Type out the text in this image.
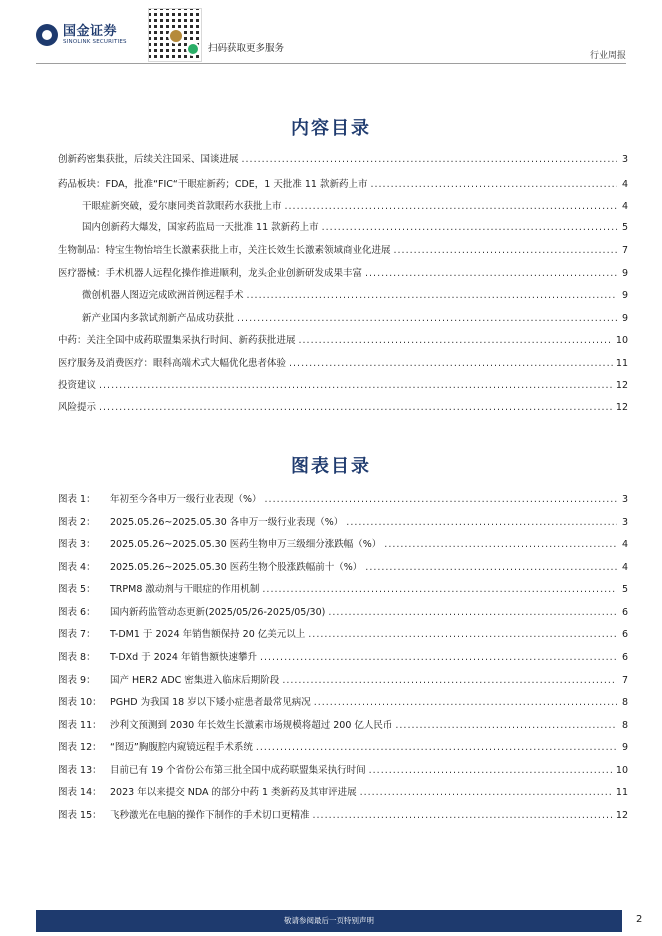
国金证券
SINOLINK SECURITIES
扫码获取更多服务
行业周报
内容目录
创新药密集获批，后续关注国采、国谈进展 .....	3
药品板块：FDA，批准“FIC“干眼症新药；CDE，1 天批准 11 款新药上市 .....	4
干眼症新突破，爱尔康同类首款眼药水获批上市 .....	4
国内创新药大爆发，国家药监局一天批准 11 款新药上市 .....	5
生物制品：特宝生物怡培生长激素获批上市，关注长效生长激素领域商业化进展 .....	7
医疗器械：手术机器人远程化操作推进顺利，龙头企业创新研发成果丰富 .....	9
微创机器人图迈完成欧洲首例远程手术 .....	9
新产业国内多款试剂新产品成功获批 .....	9
中药：关注全国中成药联盟集采执行时间、新药获批进展 .....	10
医疗服务及消费医疗：眼科高端术式大幅优化患者体验 .....	11
投资建议 .....	12
风险提示 .....	12
图表目录
图表 1：	年初至今各申万一级行业表现（%） .....	3
图表 2：	2025.05.26~2025.05.30 各申万一级行业表现（%） .....	3
图表 3：	2025.05.26~2025.05.30 医药生物申万三级细分涨跌幅（%） .....	4
图表 4：	2025.05.26~2025.05.30 医药生物个股涨跌幅前十（%） .....	4
图表 5：	TRPM8 激动剂与干眼症的作用机制 .....	5
图表 6：	国内新药监管动态更新(2025/05/26-2025/05/30) .....	6
图表 7：	T-DM1 于 2024 年销售额保持 20 亿美元以上 .....	6
图表 8：	T-DXd 于 2024 年销售额快速攀升 .....	6
图表 9：	国产 HER2 ADC 密集进入临床后期阶段 .....	7
图表 10： PGHD 为我国 18 岁以下矮小症患者最常见病况 .....	8
图表 11： 沙利文预测到 2030 年长效生长激素市场规模将超过 200 亿人民币 .....	8
图表 12： “图迈”胸腹腔内窥镜远程手术系统 .....	9
图表 13： 目前已有 19 个省份公布第三批全国中成药联盟集采执行时间 .....	10
图表 14： 2023 年以来提交 NDA 的部分中药 1 类新药及其审评进展 .....	11
图表 15： 飞秒激光在电脑的操作下制作的手术切口更精准 .....	12
敬请参阅最后一页特别声明	2
